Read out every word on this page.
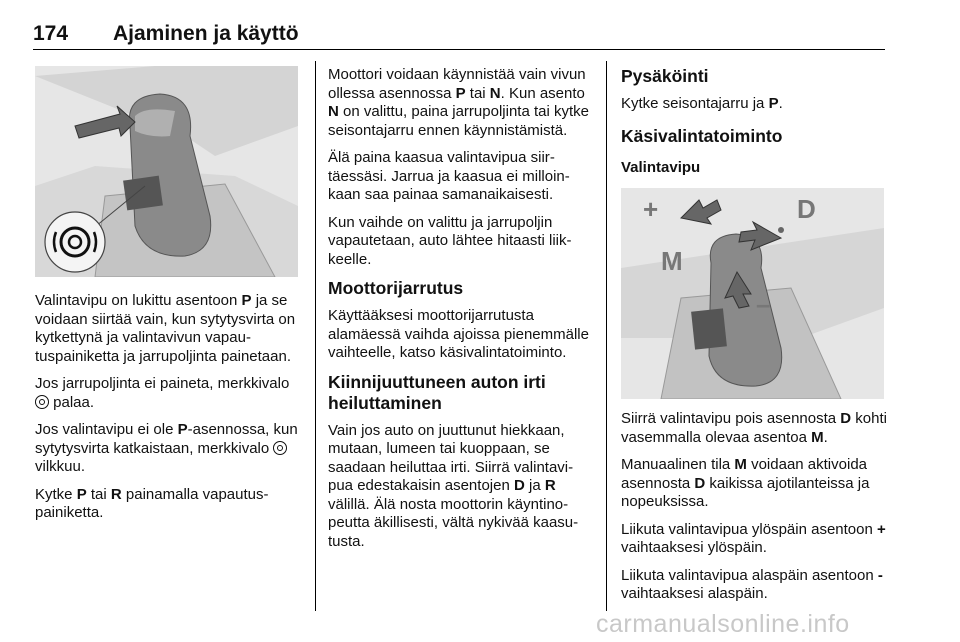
174 Ajaminen ja käyttö

Valintavipu on lukittu asentoon P ja se voidaan siirtää vain, kun sytytysvirta on kytkettynä ja valintavivun vapautuspainiketta ja jarrupoljinta painetaan.

Jos jarrupoljinta ei paineta, merkkivalo  palaa.

Jos valintavipu ei ole P-asennossa, kun sytytysvirta katkaistaan, merkkivalo  vilkkuu.

Kytke P tai R painamalla vapautuspainiketta.

Moottori voidaan käynnistää vain vivun ollessa asennossa P tai N. Kun asento N on valittu, paina jarrupoljinta tai kytke seisontajarru ennen käynnistämistä.

Älä paina kaasua valintavipua siirtäessäsi. Jarrua ja kaasua ei milloinkaan saa painaa samanaikaisesti.

Kun vaihde on valittu ja jarrupoljin vapautetaan, auto lähtee hitaasti liikkeelle.

Moottorijarrutus

Käyttääksesi moottorijarrutusta alamäessä vaihda ajoissa pienemmälle vaihteelle, katso käsivalintatoiminto.

Kiinnijuuttuneen auton irti heiluttaminen

Vain jos auto on juuttunut hiekkaan, mutaan, lumeen tai kuoppaan, se saadaan heiluttaa irti. Siirrä valintavipua edestakaisin asentojen D ja R välillä. Älä nosta moottorin käyntinopeutta äkillisesti, vältä nykivää kaasutusta.

Pysäköinti

Kytke seisontajarru ja P.

Käsivalintatoiminto
Valintavipu
+
–
M
D

Siirrä valintavipu pois asennosta D kohti vasemmalla olevaa asentoa M.

Manuaalinen tila M voidaan aktivoida asennosta D kaikissa ajotilanteissa ja nopeuksissa.

Liikuta valintavipua ylöspäin asentoon + vaihtaaksesi ylöspäin.

Liikuta valintavipua alaspäin asentoon - vaihtaaksesi alaspäin.

carmanualsonline.info
